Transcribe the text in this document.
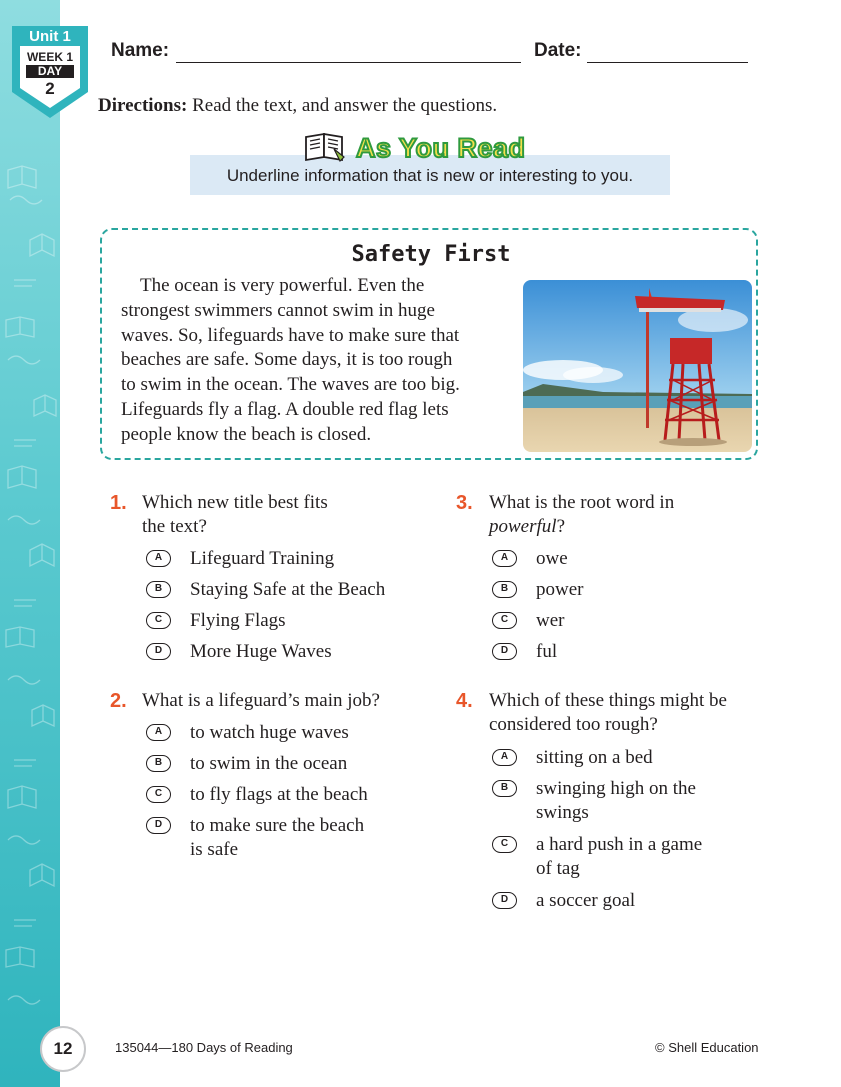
Unit 1
WEEK 1
DAY
2
Name:	Date:
Directions: Read the text, and answer the questions.
As You Read
Underline information that is new or interesting to you.
Safety First
The ocean is very powerful. Even the
strongest swimmers cannot swim in huge
waves. So, lifeguards have to make sure that
beaches are safe. Some days, it is too rough
to swim in the ocean. The waves are too big.
Lifeguards fly a flag. A double red flag lets
people know the beach is closed.
1. Which new title best fits
the text?
A	Lifeguard Training
B	Staying Safe at the Beach
C	Flying Flags
D	More Huge Waves
2. What is a lifeguard’s main job?
A	to watch huge waves
B	to swim in the ocean
C	to fly flags at the beach
D	to make sure the beach
is safe
3. What is the root word in
powerful?
A	owe
B	power
C	wer
D	ful
4. Which of these things might be
considered too rough?
A	sitting on a bed
B	swinging high on the
swings
C	a hard push in a game
of tag
D	a soccer goal
12	135044—180 Days of Reading	© Shell Education
